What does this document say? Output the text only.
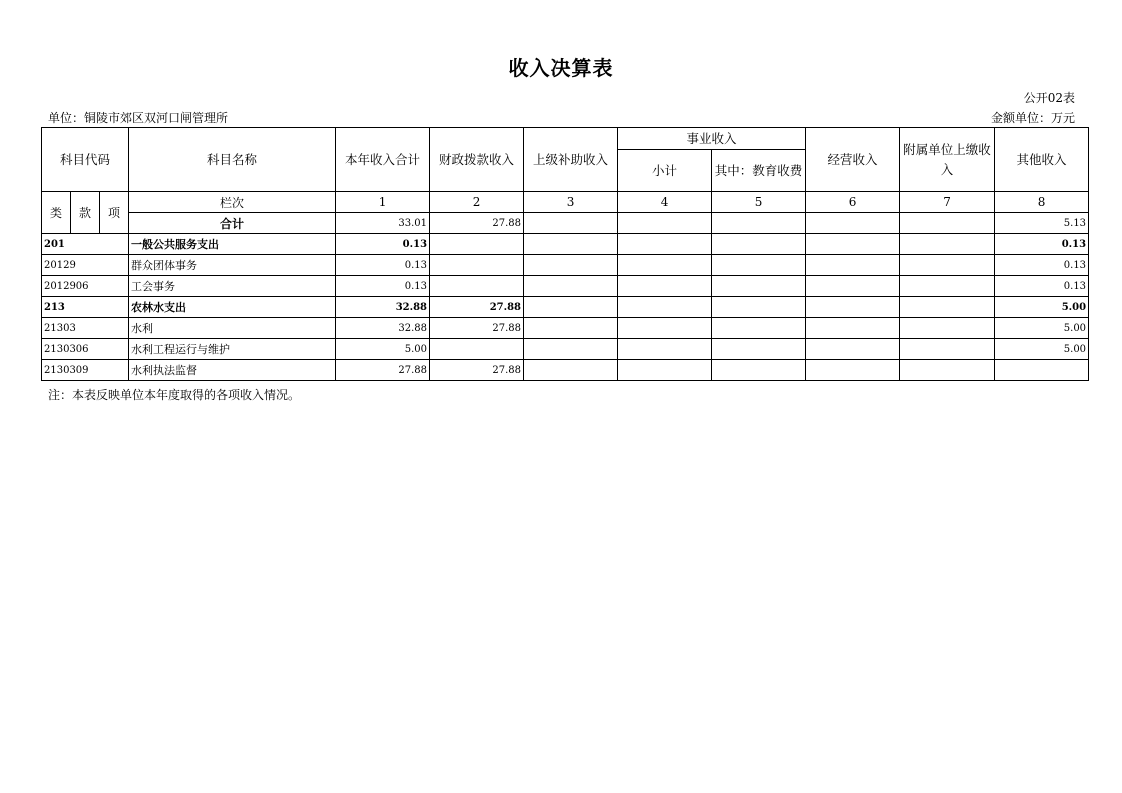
收入决算表
公开02表
单位：铜陵市郊区双河口闸管理所	金额单位：万元
科目代码			科目名称	本年收入合计	财政拨款收入	上级补助收入	事业收入		经营收入	附属单位上缴收入	其他收入
							小计	其中：教育收费			
类	款	项	栏次	1	2	3	4	5	6	7	8
			合计	33.01	27.88						5.13
201			一般公共服务支出	0.13							0.13
20129			群众团体事务	0.13							0.13
2012906			工会事务	0.13							0.13
213			农林水支出	32.88	27.88						5.00
21303			水利	32.88	27.88						5.00
2130306			水利工程运行与维护	5.00							5.00
2130309			水利执法监督	27.88	27.88						
注：本表反映单位本年度取得的各项收入情况。
